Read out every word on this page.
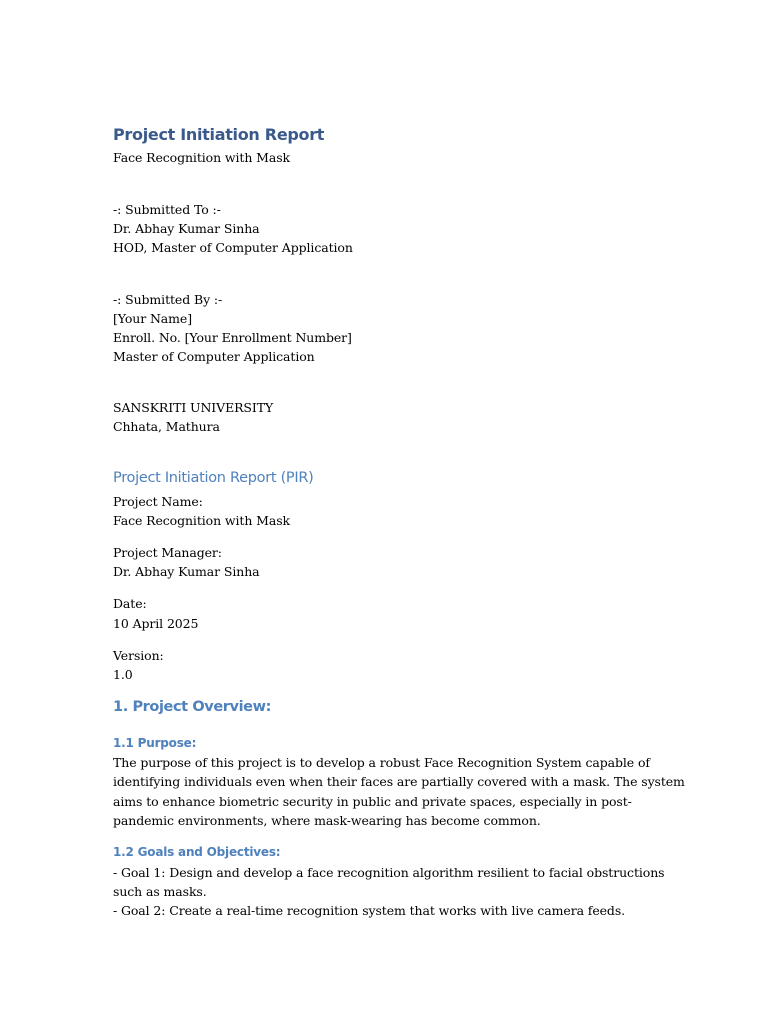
Project Initiation Report
Face Recognition with Mask
-: Submitted To :-
Dr. Abhay Kumar Sinha
HOD, Master of Computer Application
-: Submitted By :-
[Your Name]
Enroll. No. [Your Enrollment Number]
Master of Computer Application
SANSKRITI UNIVERSITY
Chhata, Mathura
Project Initiation Report (PIR)
Project Name:
Face Recognition with Mask
Project Manager:
Dr. Abhay Kumar Sinha
Date:
10 April 2025
Version:
1.0
1. Project Overview:
1.1 Purpose:
The purpose of this project is to develop a robust Face Recognition System capable of
identifying individuals even when their faces are partially covered with a mask. The system
aims to enhance biometric security in public and private spaces, especially in post-
pandemic environments, where mask-wearing has become common.
1.2 Goals and Objectives:
- Goal 1: Design and develop a face recognition algorithm resilient to facial obstructions
such as masks.
- Goal 2: Create a real-time recognition system that works with live camera feeds.
